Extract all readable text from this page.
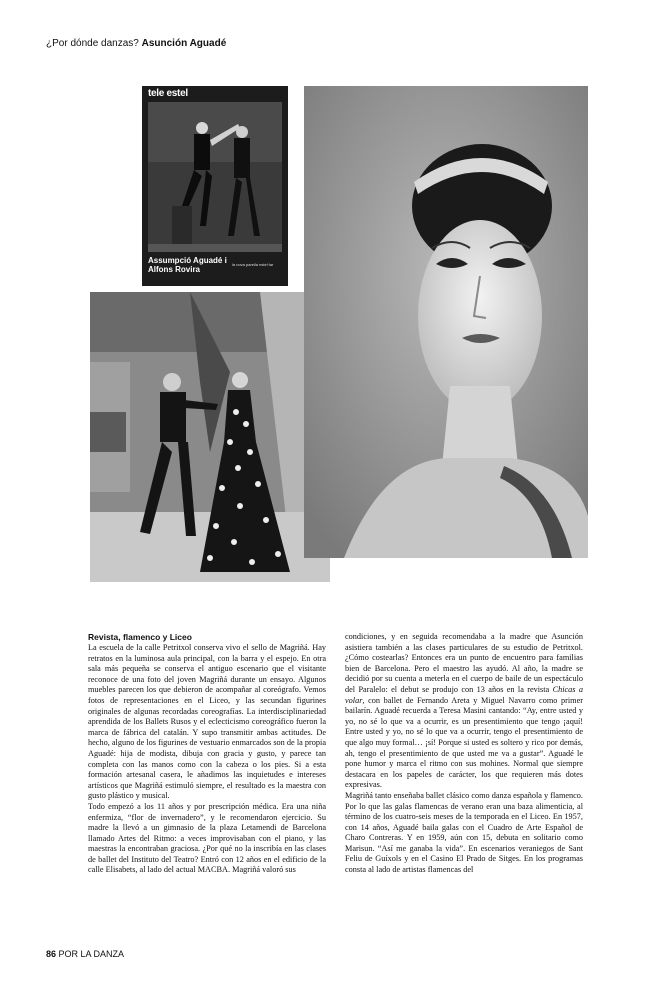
¿Por dónde danzas? Asunción Aguadé
tele estel
Assumpció Aguadé i Alfons Rovira
la nova parella estel·lar

Revista, flamenco y Liceo

La escuela de la calle Petritxol conserva vivo el sello de Magriñá. Hay retratos en la luminosa aula principal, con la barra y el espejo. En otra sala más pequeña se conserva el antiguo escenario que el visitante reconoce de una foto del joven Magriñá durante un ensayo. Algunos muebles parecen los que debieron de acompañar al coreógrafo. Vemos fotos de representaciones en el Liceo, y las secundan figurines originales de algunas recordadas coreografías. La interdisciplinariedad aprendida de los Ballets Rusos y el eclecticismo coreográfico fueron la marca de fábrica del catalán. Y supo transmitir ambas actitudes. De hecho, alguno de los figurines de vestuario enmarcados son de la propia Aguadé: hija de modista, dibuja con gracia y gusto, y parece tan completa con las manos como con la cabeza o los pies. Si a esta formación artesanal casera, le añadimos las inquietudes e intereses artísticos que Magriñá estimuló siempre, el resultado es la maestra con gusto plástico y musical.

Todo empezó a los 11 años y por prescripción médica. Era una niña enfermiza, “flor de invernadero”, y le recomendaron ejercicio. Su madre la llevó a un gimnasio de la plaza Letamendi de Barcelona llamado Artes del Ritmo: a veces improvisaban con el piano, y las maestras la encontraban graciosa. ¿Por qué no la inscribía en las clases de ballet del Instituto del Teatro? Entró con 12 años en el edificio de la calle Elisabets, al lado del actual MACBA. Magriñá valoró sus

condiciones, y en seguida recomendaba a la madre que Asunción asistiera también a las clases particulares de su estudio de Petritxol. ¿Cómo costearlas? Entonces era un punto de encuentro para familias bien de Barcelona. Pero el maestro las ayudó. Al año, la madre se decidió por su cuenta a meterla en el cuerpo de baile de un espectáculo del Paralelo: el debut se produjo con 13 años en la revista Chicas a volar, con ballet de Fernando Areta y Miguel Navarro como primer bailarín. Aguadé recuerda a Teresa Masini cantando: “Ay, entre usted y yo, no sé lo que va a ocurrir, es un presentimiento que tengo ¡aquí! Entre usted y yo, no sé lo que va a ocurrir, tengo el presentimiento de que algo muy formal… ¡sí! Porque si usted es soltero y rico por demás, ah, tengo el presentimiento de que usted me va a gustar”. Aguadé le pone humor y marca el ritmo con sus mohines. Normal que siempre destacara en los papeles de carácter, los que requieren más dotes expresivas.

Magriñá tanto enseñaba ballet clásico como danza española y flamenco. Por lo que las galas flamencas de verano eran una baza alimenticia, al término de los cuatro-seis meses de la temporada en el Liceo. En 1957, con 14 años, Aguadé baila galas con el Cuadro de Arte Español de Charo Contreras. Y en 1959, aún con 15, debuta en solitario como Marisun. “Así me ganaba la vida”. En escenarios veraniegos de Sant Feliu de Guíxols y en el Casino El Prado de Sitges. En los programas consta al lado de artistas flamencas del

86 POR LA DANZA
